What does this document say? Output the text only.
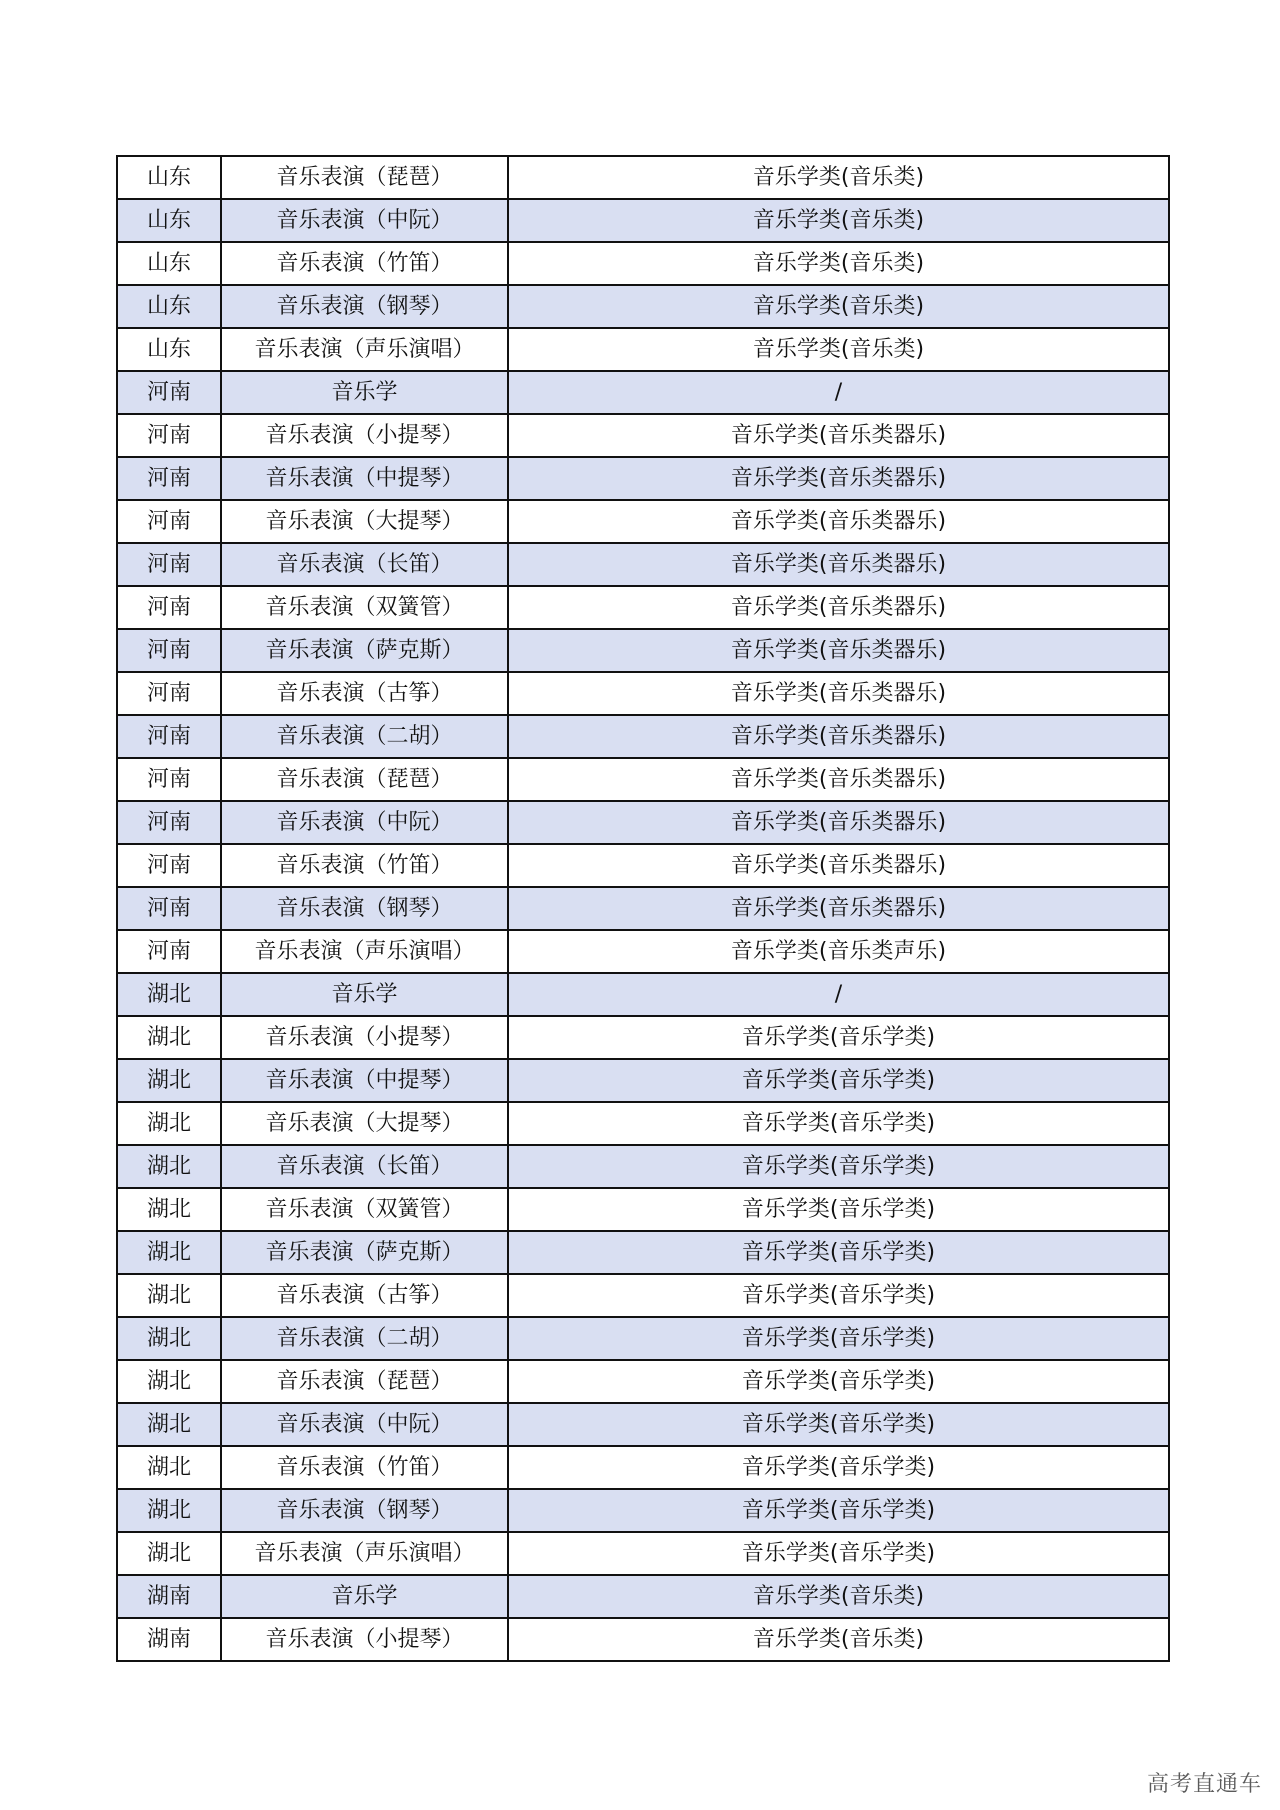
山东	音乐表演（琵琶）	音乐学类(音乐类)
山东	音乐表演（中阮）	音乐学类(音乐类)
山东	音乐表演（竹笛）	音乐学类(音乐类)
山东	音乐表演（钢琴）	音乐学类(音乐类)
山东	音乐表演（声乐演唱）	音乐学类(音乐类)
河南	音乐学	/
河南	音乐表演（小提琴）	音乐学类(音乐类器乐)
河南	音乐表演（中提琴）	音乐学类(音乐类器乐)
河南	音乐表演（大提琴）	音乐学类(音乐类器乐)
河南	音乐表演（长笛）	音乐学类(音乐类器乐)
河南	音乐表演（双簧管）	音乐学类(音乐类器乐)
河南	音乐表演（萨克斯）	音乐学类(音乐类器乐)
河南	音乐表演（古筝）	音乐学类(音乐类器乐)
河南	音乐表演（二胡）	音乐学类(音乐类器乐)
河南	音乐表演（琵琶）	音乐学类(音乐类器乐)
河南	音乐表演（中阮）	音乐学类(音乐类器乐)
河南	音乐表演（竹笛）	音乐学类(音乐类器乐)
河南	音乐表演（钢琴）	音乐学类(音乐类器乐)
河南	音乐表演（声乐演唱）	音乐学类(音乐类声乐)
湖北	音乐学	/
湖北	音乐表演（小提琴）	音乐学类(音乐学类)
湖北	音乐表演（中提琴）	音乐学类(音乐学类)
湖北	音乐表演（大提琴）	音乐学类(音乐学类)
湖北	音乐表演（长笛）	音乐学类(音乐学类)
湖北	音乐表演（双簧管）	音乐学类(音乐学类)
湖北	音乐表演（萨克斯）	音乐学类(音乐学类)
湖北	音乐表演（古筝）	音乐学类(音乐学类)
湖北	音乐表演（二胡）	音乐学类(音乐学类)
湖北	音乐表演（琵琶）	音乐学类(音乐学类)
湖北	音乐表演（中阮）	音乐学类(音乐学类)
湖北	音乐表演（竹笛）	音乐学类(音乐学类)
湖北	音乐表演（钢琴）	音乐学类(音乐学类)
湖北	音乐表演（声乐演唱）	音乐学类(音乐学类)
湖南	音乐学	音乐学类(音乐类)
湖南	音乐表演（小提琴）	音乐学类(音乐类)
高考直通车
